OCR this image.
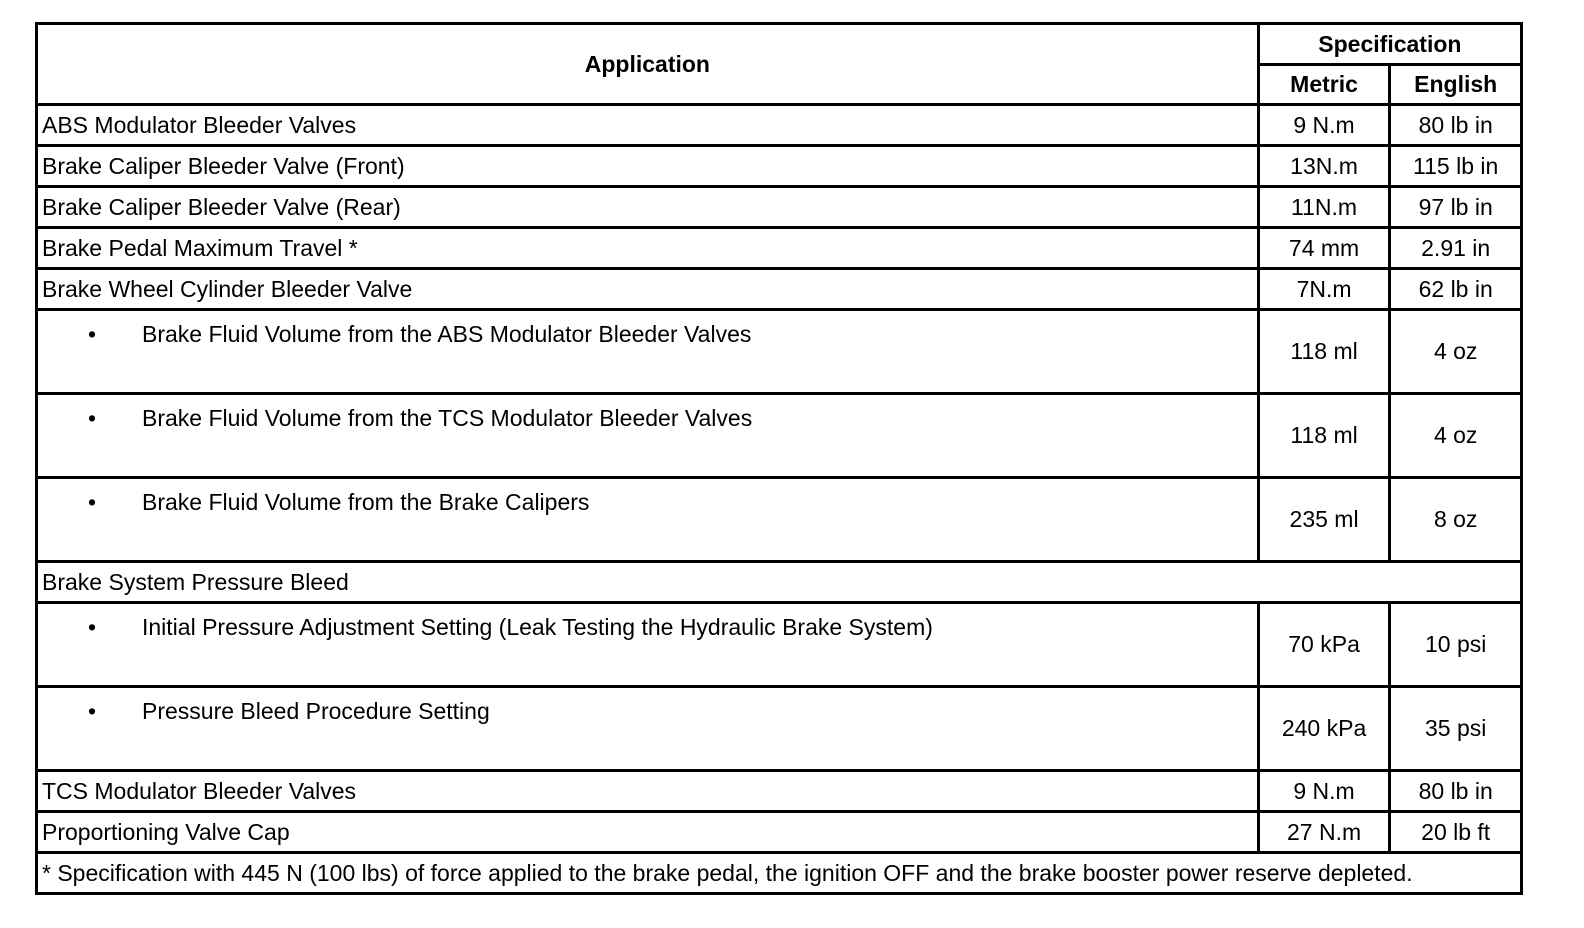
Application	Specification	
	Metric	English
ABS Modulator Bleeder Valves	9 N.m	80 lb in
Brake Caliper Bleeder Valve (Front)	13N.m	115 lb in
Brake Caliper Bleeder Valve (Rear)	11N.m	97 lb in
Brake Pedal Maximum Travel *	74 mm	2.91 in
Brake Wheel Cylinder Bleeder Valve	7N.m	62 lb in
• Brake Fluid Volume from the ABS Modulator Bleeder Valves	118 ml	4 oz
• Brake Fluid Volume from the TCS Modulator Bleeder Valves	118 ml	4 oz
• Brake Fluid Volume from the Brake Calipers	235 ml	8 oz
Brake System Pressure Bleed		
• Initial Pressure Adjustment Setting (Leak Testing the Hydraulic Brake System)	70 kPa	10 psi
• Pressure Bleed Procedure Setting	240 kPa	35 psi
TCS Modulator Bleeder Valves	9 N.m	80 lb in
Proportioning Valve Cap	27 N.m	20 lb ft
* Specification with 445 N (100 lbs) of force applied to the brake pedal, the ignition OFF and the brake booster power reserve depleted.		
